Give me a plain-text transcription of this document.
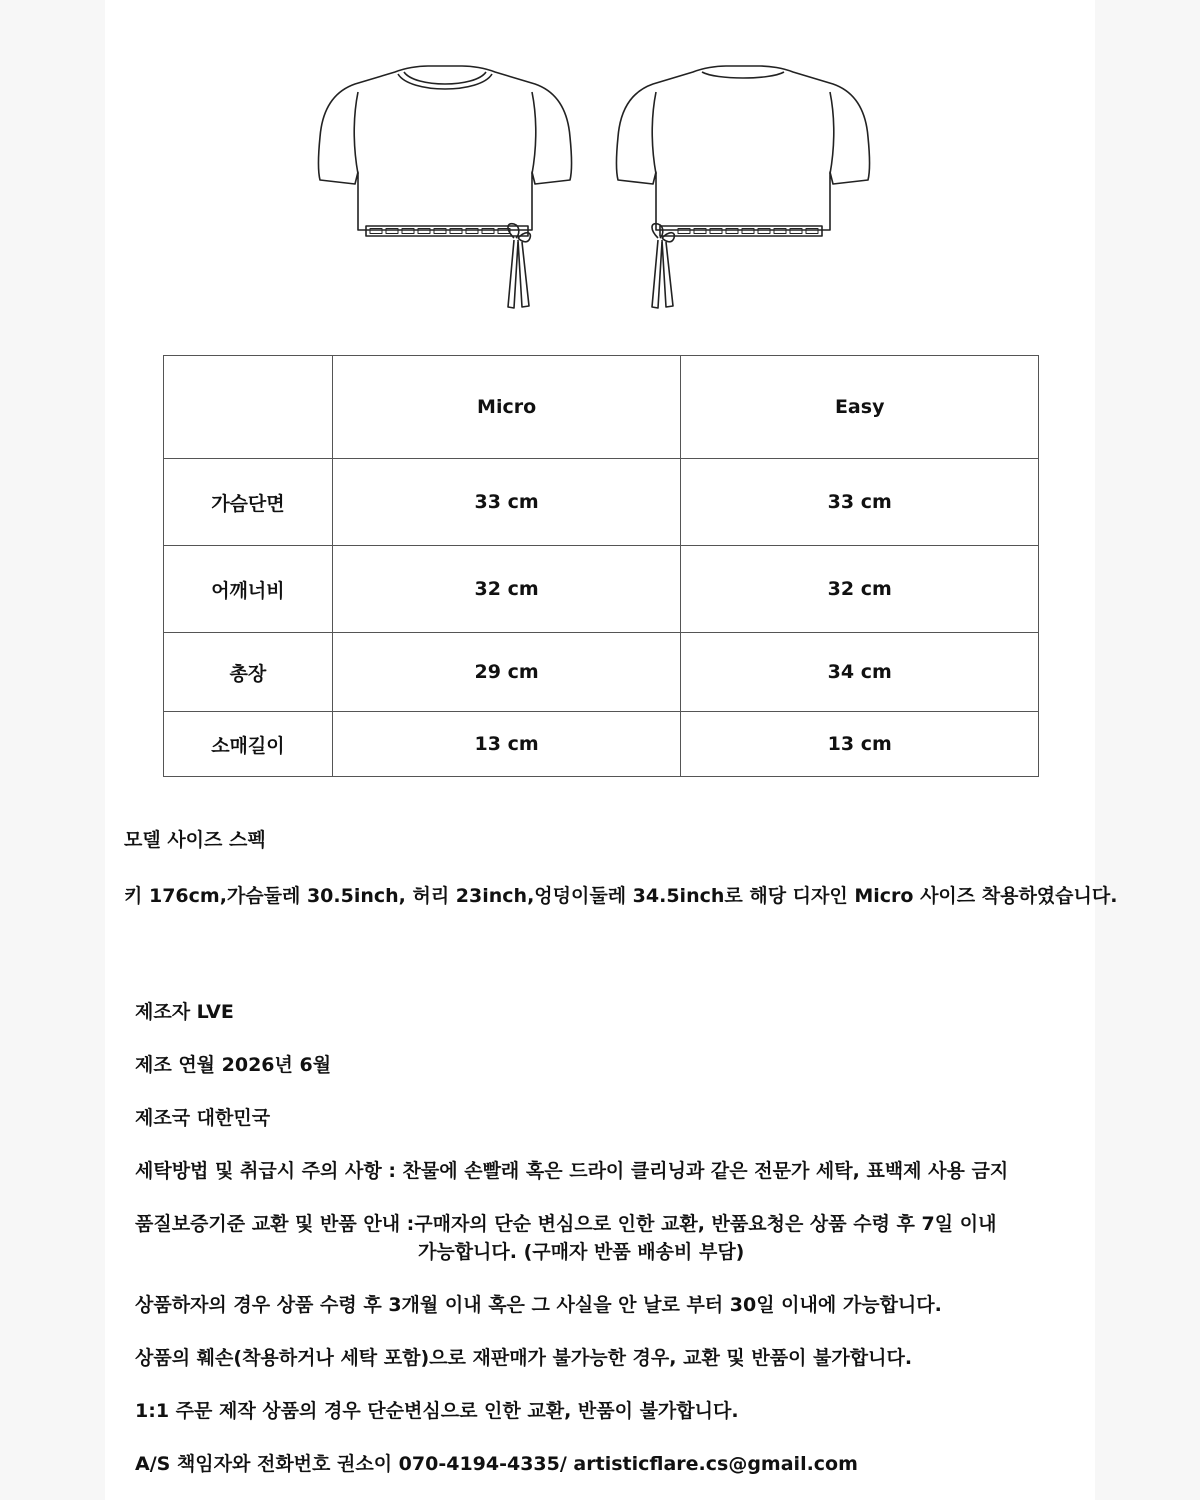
	Micro	Easy
가슴단면	33 cm	33 cm
어깨너비	32 cm	32 cm
총장	29 cm	34 cm
소매길이	13 cm	13 cm
모델 사이즈 스펙
키 176cm,가슴둘레 30.5inch, 허리 23inch,엉덩이둘레 34.5inch로 해당 디자인 Micro 사이즈 착용하였습니다.
제조자 LVE
제조 연월 2026년 6월
제조국 대한민국
세탁방법 및 취급시 주의 사항 : 찬물에 손빨래 혹은 드라이 클리닝과 같은 전문가 세탁, 표백제 사용 금지
품질보증기준 교환 및 반품 안내 :구매자의 단순 변심으로 인한 교환, 반품요청은 상품 수령 후 7일 이내
가능합니다. (구매자 반품 배송비 부담)
상품하자의 경우 상품 수령 후 3개월 이내 혹은 그 사실을 안 날로 부터 30일 이내에 가능합니다.
상품의 훼손(착용하거나 세탁 포함)으로 재판매가 불가능한 경우, 교환 및 반품이 불가합니다.
1:1 주문 제작 상품의 경우 단순변심으로 인한 교환, 반품이 불가합니다.
A/S 책임자와 전화번호 권소이 070-4194-4335/ artisticflare.cs@gmail.com
